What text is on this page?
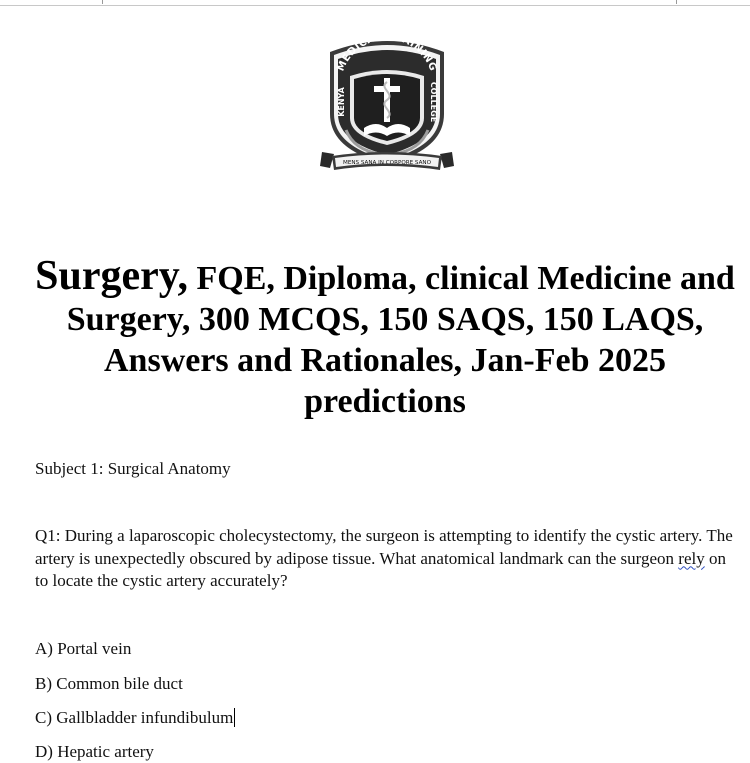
MEDICAL TRAINING
KENYA	COLLEGE
MENS SANA IN CORPORE SANO
Surgery, FQE, Diploma, clinical Medicine and Surgery, 300 MCQS, 150 SAQS, 150 LAQS, Answers and Rationales, Jan-Feb 2025 predictions

Subject 1: Surgical Anatomy

Q1: During a laparoscopic cholecystectomy, the surgeon is attempting to identify the cystic artery. The artery is unexpectedly obscured by adipose tissue. What anatomical landmark can the surgeon rely on to locate the cystic artery accurately?

A) Portal vein

B) Common bile duct

C) Gallbladder infundibulum

D) Hepatic artery
